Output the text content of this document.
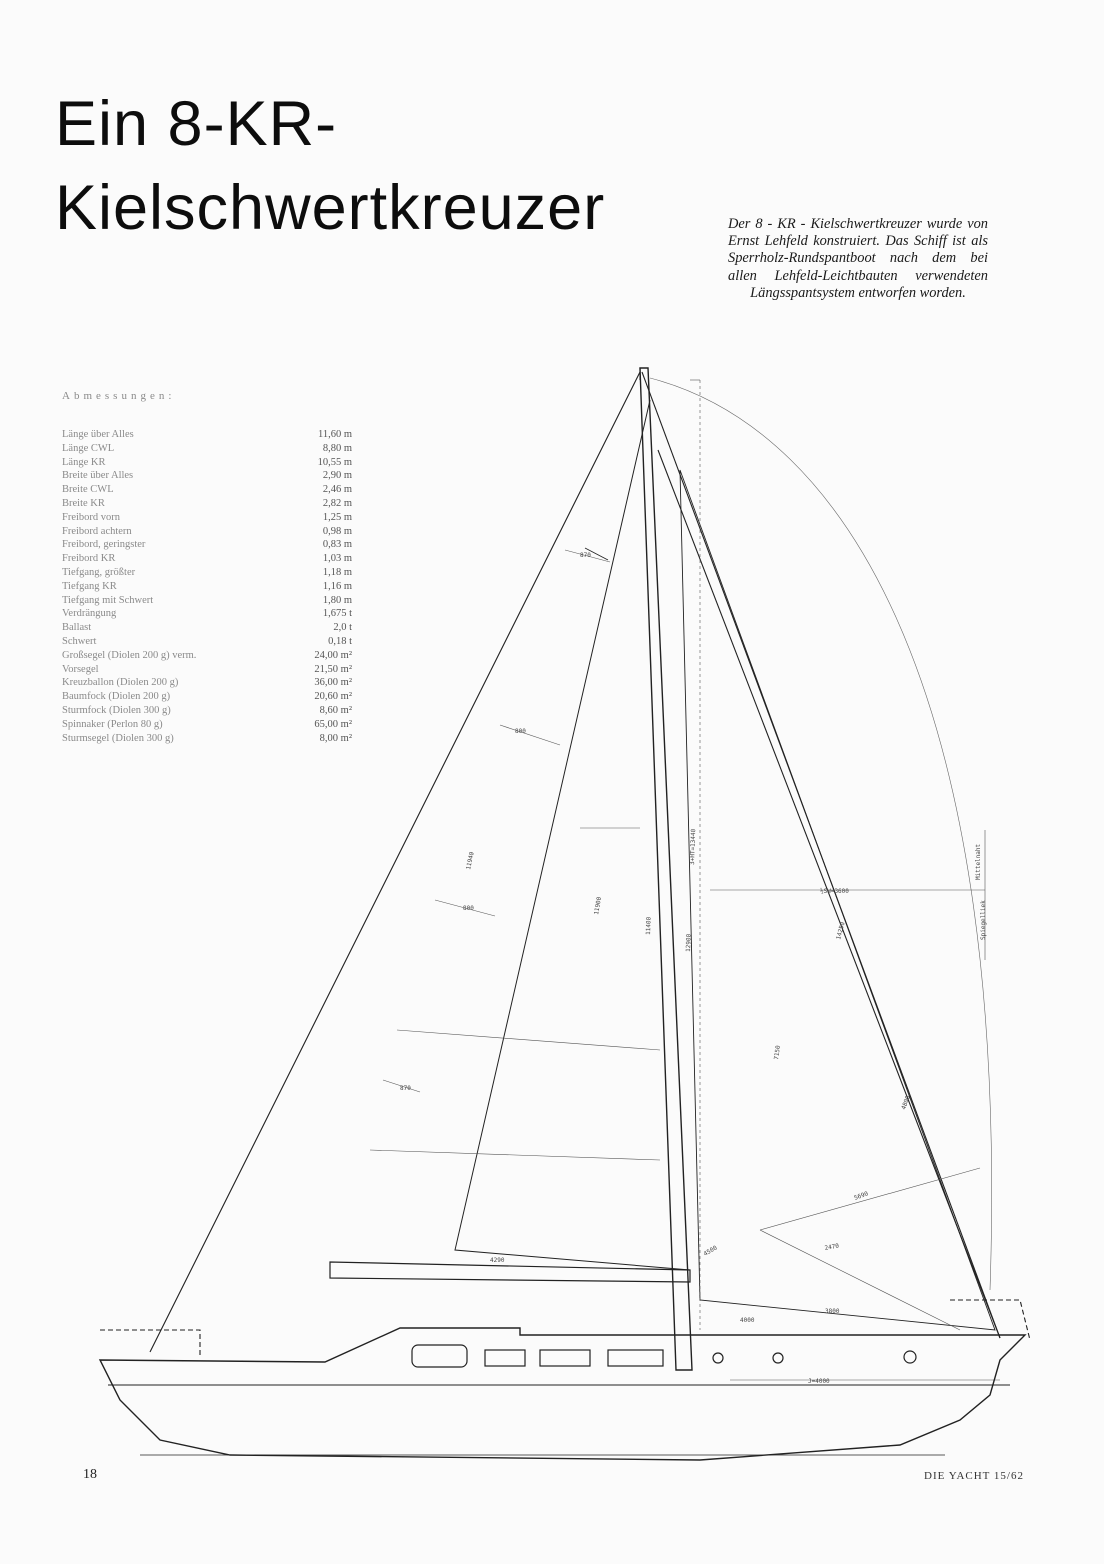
Ein 8-KR-
Kielschwertkreuzer	Der 8 - KR - Kielschwertkreuzer wurde von Ernst Lehfeld konstruiert. Das Schiff ist als Sperrholz-Rundspantboot nach dem bei allen Lehfeld-Leichtbauten verwendeten Längsspantsystem entworfen worden.

Abmessungen:
Länge über Alles	11,60 m
Länge CWL	8,80 m
Länge KR	10,55 m
Breite über Alles	2,90 m
Breite CWL	2,46 m
Breite KR	2,82 m
Freibord vorn	1,25 m
Freibord achtern	0,98 m
Freibord, geringster	0,83 m
Freibord KR	1,03 m
Tiefgang, größter	1,18 m
Tiefgang KR	1,16 m
Tiefgang mit Schwert	1,80 m
Verdrängung	1,675 t
Ballast	2,0 t
Schwert	0,18 t
Großsegel (Diolen 200 g) verm.	24,00 m²
Vorsegel	21,50 m²
Kreuzballon (Diolen 200 g)	36,00 m²
Baumfock (Diolen 200 g)	20,60 m²
Sturmfock (Diolen 300 g)	8,60 m²
Spinnaker (Perlon 80 g)	65,00 m²
Sturmsegel (Diolen 300 g)	8,00 m²
870
800
800
11940
11900
11400
12900
3+HT=13440
½SW=3600
14250
Mittelnaht
Spiegelliek
7150
4800
4290
4500
5690
2470
3800
4000
J=4000
870
18	DIE YACHT 15/62
